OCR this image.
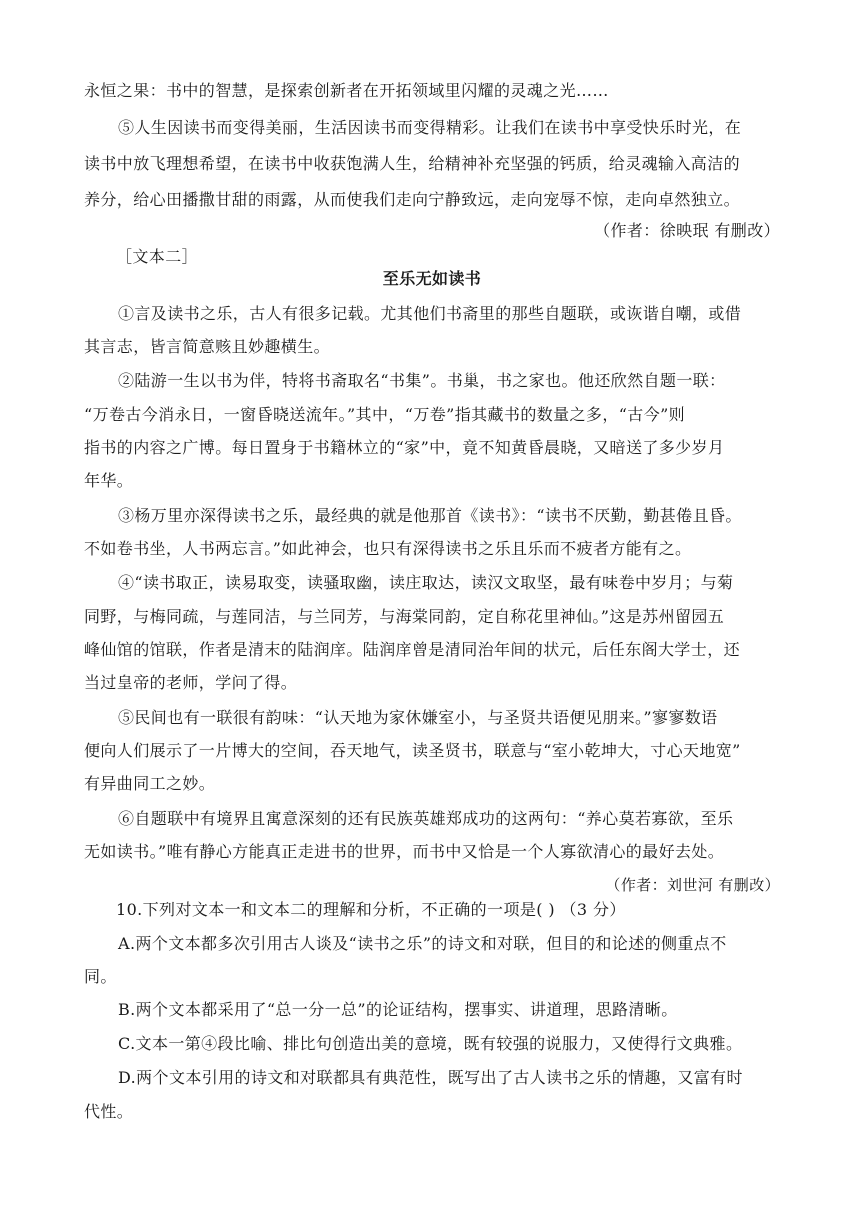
永恒之果：书中的智慧，是探索创新者在开拓领域里闪耀的灵魂之光……
⑤人生因读书而变得美丽，生活因读书而变得精彩。让我们在读书中享受快乐时光，在
读书中放飞理想希望，在读书中收获饱满人生，给精神补充坚强的钙质，给灵魂输入高洁的
养分，给心田播撒甘甜的雨露，从而使我们走向宁静致远，走向宠辱不惊，走向卓然独立。
（作者：徐映珉 有删改）
［文本二］
至乐无如读书
①言及读书之乐，古人有很多记载。尤其他们书斋里的那些自题联，或诙谐自嘲，或借
其言志，皆言简意赅且妙趣横生。
②陆游一生以书为伴，特将书斋取名“书集”。书巢，书之家也。他还欣然自题一联：
“万卷古今消永日，一窗昏晓送流年。”其中，“万卷”指其藏书的数量之多，“古今”则
指书的内容之广博。每日置身于书籍林立的“家”中，竟不知黄昏晨晓，又暗送了多少岁月
年华。
③杨万里亦深得读书之乐，最经典的就是他那首《读书》：“读书不厌勤，勤甚倦且昏。
不如卷书坐，人书两忘言。”如此神会，也只有深得读书之乐且乐而不疲者方能有之。
④“读书取正，读易取变，读骚取幽，读庄取达，读汉文取坚，最有味卷中岁月；与菊
同野，与梅同疏，与莲同洁，与兰同芳，与海棠同韵，定自称花里神仙。”这是苏州留园五
峰仙馆的馆联，作者是清末的陆润庠。陆润庠曾是清同治年间的状元，后任东阁大学士，还
当过皇帝的老师，学问了得。
⑤民间也有一联很有韵味：“认天地为家休嫌室小，与圣贤共语便见朋来。”寥寥数语
便向人们展示了一片博大的空间，吞天地气，读圣贤书，联意与“室小乾坤大，寸心天地宽”
有异曲同工之妙。
⑥自题联中有境界且寓意深刻的还有民族英雄郑成功的这两句：“养心莫若寡欲，至乐
无如读书。”唯有静心方能真正走进书的世界，而书中又恰是一个人寡欲清心的最好去处。
（作者：刘世河 有删改）
10.下列对文本一和文本二的理解和分析，不正确的一项是( ) （3 分）
A.两个文本都多次引用古人谈及“读书之乐”的诗文和对联，但目的和论述的侧重点不
同。
B.两个文本都采用了“总一分一总”的论证结构，摆事实、讲道理，思路清晰。
C.文本一第④段比喻、排比句创造出美的意境，既有较强的说服力，又使得行文典雅。
D.两个文本引用的诗文和对联都具有典范性，既写出了古人读书之乐的情趣，又富有时
代性。
